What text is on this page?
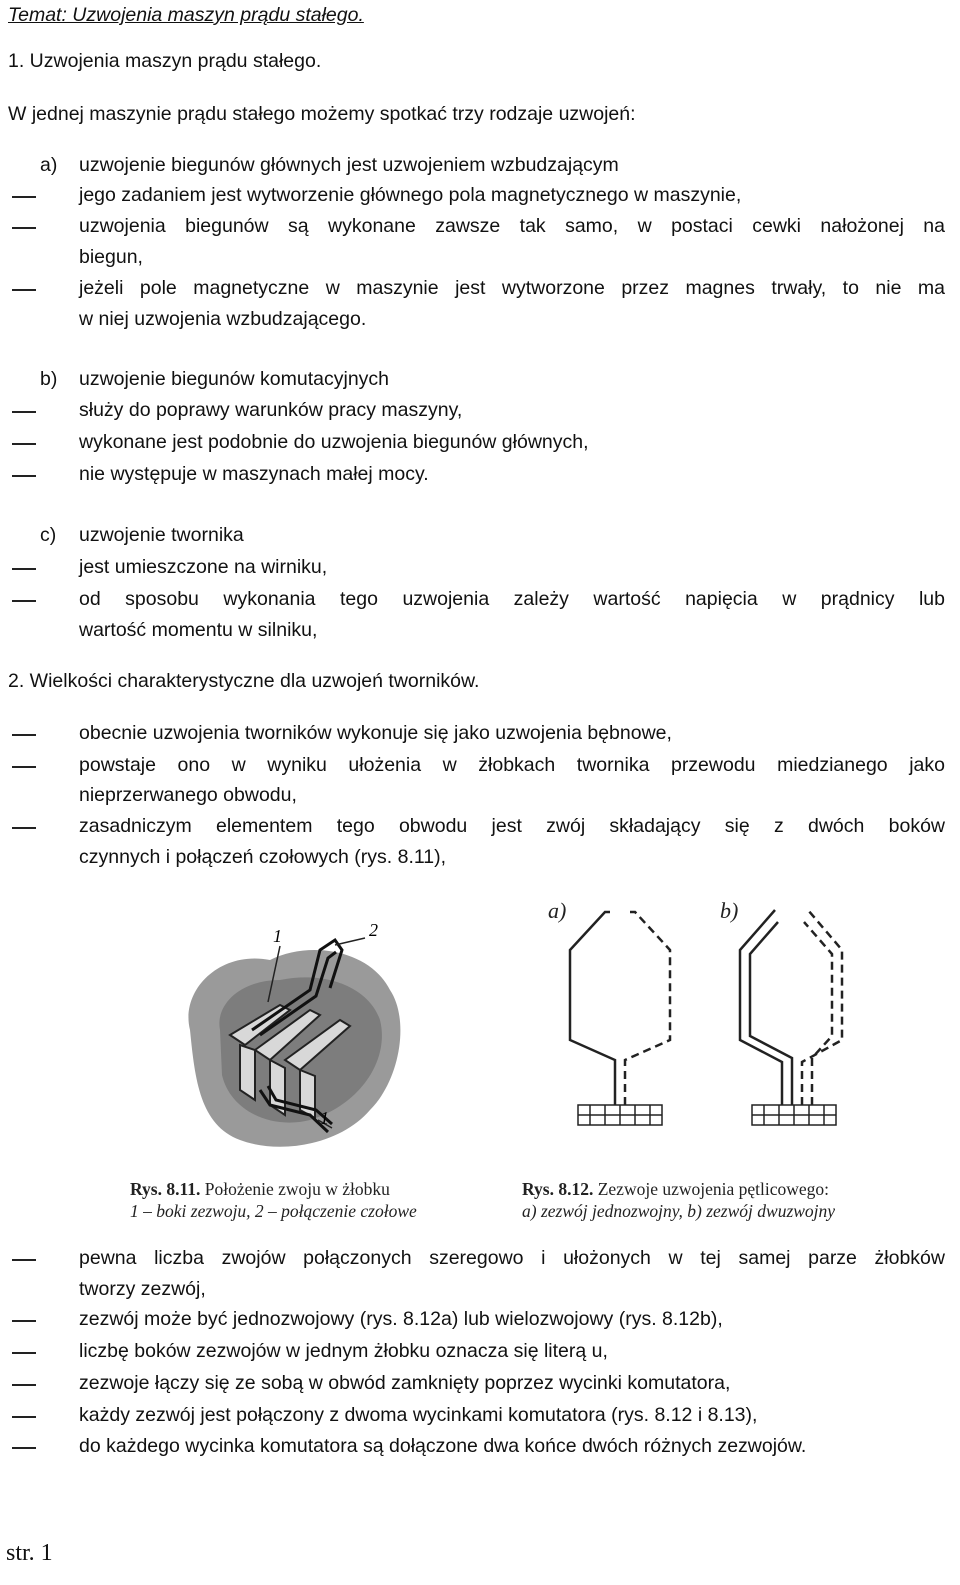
Temat: Uzwojenia maszyn prądu stałego.
1. Uzwojenia maszyn prądu stałego.
W jednej maszynie prądu stałego możemy spotkać trzy rodzaje uzwojeń:
a) uzwojenie biegunów głównych jest uzwojeniem wzbudzającym
jego zadaniem jest wytworzenie głównego pola magnetycznego w maszynie,
uzwojenia biegunów są wykonane zawsze tak samo, w postaci cewki nałożonej na
biegun,
jeżeli pole magnetyczne w maszynie jest wytworzone przez magnes trwały, to nie ma
w niej uzwojenia wzbudzającego.
b) uzwojenie biegunów komutacyjnych
służy do poprawy warunków pracy maszyny,
wykonane jest podobnie do uzwojenia biegunów głównych,
nie występuje w maszynach małej mocy.
c) uzwojenie twornika
jest umieszczone na wirniku,
od sposobu wykonania tego uzwojenia zależy wartość napięcia w prądnicy lub
wartość momentu w silniku,
2. Wielkości charakterystyczne dla uzwojeń tworników.
obecnie uzwojenia tworników wykonuje się jako uzwojenia bębnowe,
powstaje ono w wyniku ułożenia w żłobkach twornika przewodu miedzianego jako
nieprzerwanego obwodu,
zasadniczym elementem tego obwodu jest zwój składający się z dwóch boków
czynnych i połączeń czołowych (rys. 8.11),
1	2
1
a)	b)
Rys. 8.11. Położenie zwoju w żłobku
1 – boki zezwoju, 2 – połączenie czołowe
Rys. 8.12. Zezwoje uzwojenia pętlicowego:
a) zezwój jednozwojny, b) zezwój dwuzwojny
pewna liczba zwojów połączonych szeregowo i ułożonych w tej samej parze żłobków
tworzy zezwój,
zezwój może być jednozwojowy (rys. 8.12a) lub wielozwojowy (rys. 8.12b),
liczbę boków zezwojów w jednym żłobku oznacza się literą u,
zezwoje łączy się ze sobą w obwód zamknięty poprzez wycinki komutatora,
każdy zezwój jest połączony z dwoma wycinkami komutatora (rys. 8.12 i 8.13),
do każdego wycinka komutatora są dołączone dwa końce dwóch różnych zezwojów.
str. 1
